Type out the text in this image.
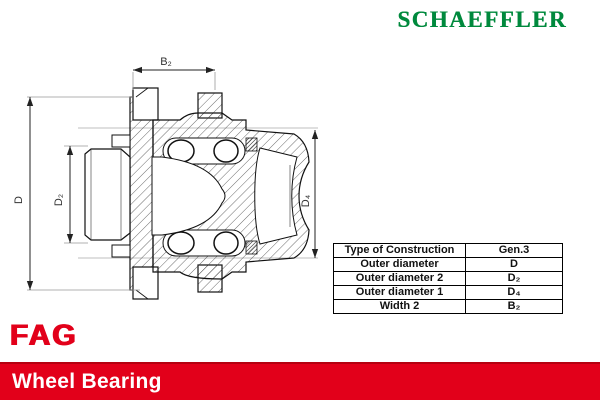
SCHAEFFLER
B₂
D	D₂	D₄
Type of Construction	Gen.3
Outer diameter	D
Outer diameter 2	D₂
Outer diameter 1	D₄
Width 2	B₂
FAG
Wheel Bearing
